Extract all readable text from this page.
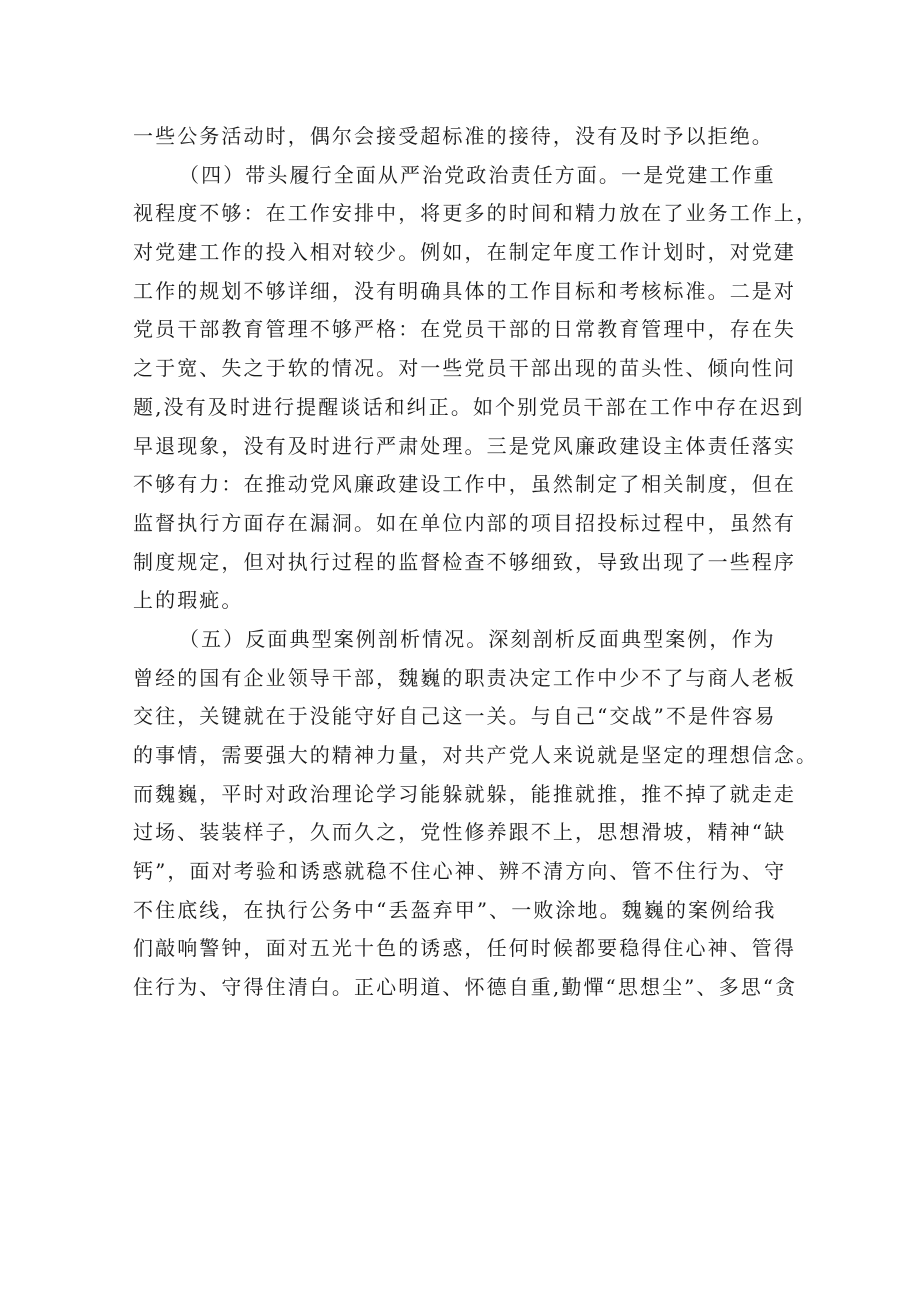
一些公务活动时，偶尔会接受超标准的接待，没有及时予以拒绝。
（四）带头履行全面从严治党政治责任方面。一是党建工作重
视程度不够：在工作安排中，将更多的时间和精力放在了业务工作上，
对党建工作的投入相对较少。例如，在制定年度工作计划时，对党建
工作的规划不够详细，没有明确具体的工作目标和考核标准。二是对
党员干部教育管理不够严格：在党员干部的日常教育管理中，存在失
之于宽、失之于软的情况。对一些党员干部出现的苗头性、倾向性问
题,没有及时进行提醒谈话和纠正。如个别党员干部在工作中存在迟到
早退现象，没有及时进行严肃处理。三是党风廉政建设主体责任落实
不够有力：在推动党风廉政建设工作中，虽然制定了相关制度，但在
监督执行方面存在漏洞。如在单位内部的项目招投标过程中，虽然有
制度规定，但对执行过程的监督检查不够细致，导致出现了一些程序
上的瑕疵。
（五）反面典型案例剖析情况。深刻剖析反面典型案例，作为
曾经的国有企业领导干部，魏巍的职责决定工作中少不了与商人老板
交往，关键就在于没能守好自己这一关。与自己“交战”不是件容易
的事情，需要强大的精神力量，对共产党人来说就是坚定的理想信念。
而魏巍，平时对政治理论学习能躲就躲，能推就推，推不掉了就走走
过场、装装样子，久而久之，党性修养跟不上，思想滑坡，精神“缺
钙”，面对考验和诱惑就稳不住心神、辨不清方向、管不住行为、守
不住底线，在执行公务中“丢盔弃甲”、一败涂地。魏巍的案例给我
们敲响警钟，面对五光十色的诱惑，任何时候都要稳得住心神、管得
住行为、守得住清白。正心明道、怀德自重,勤憚“思想尘”、多思“贪
